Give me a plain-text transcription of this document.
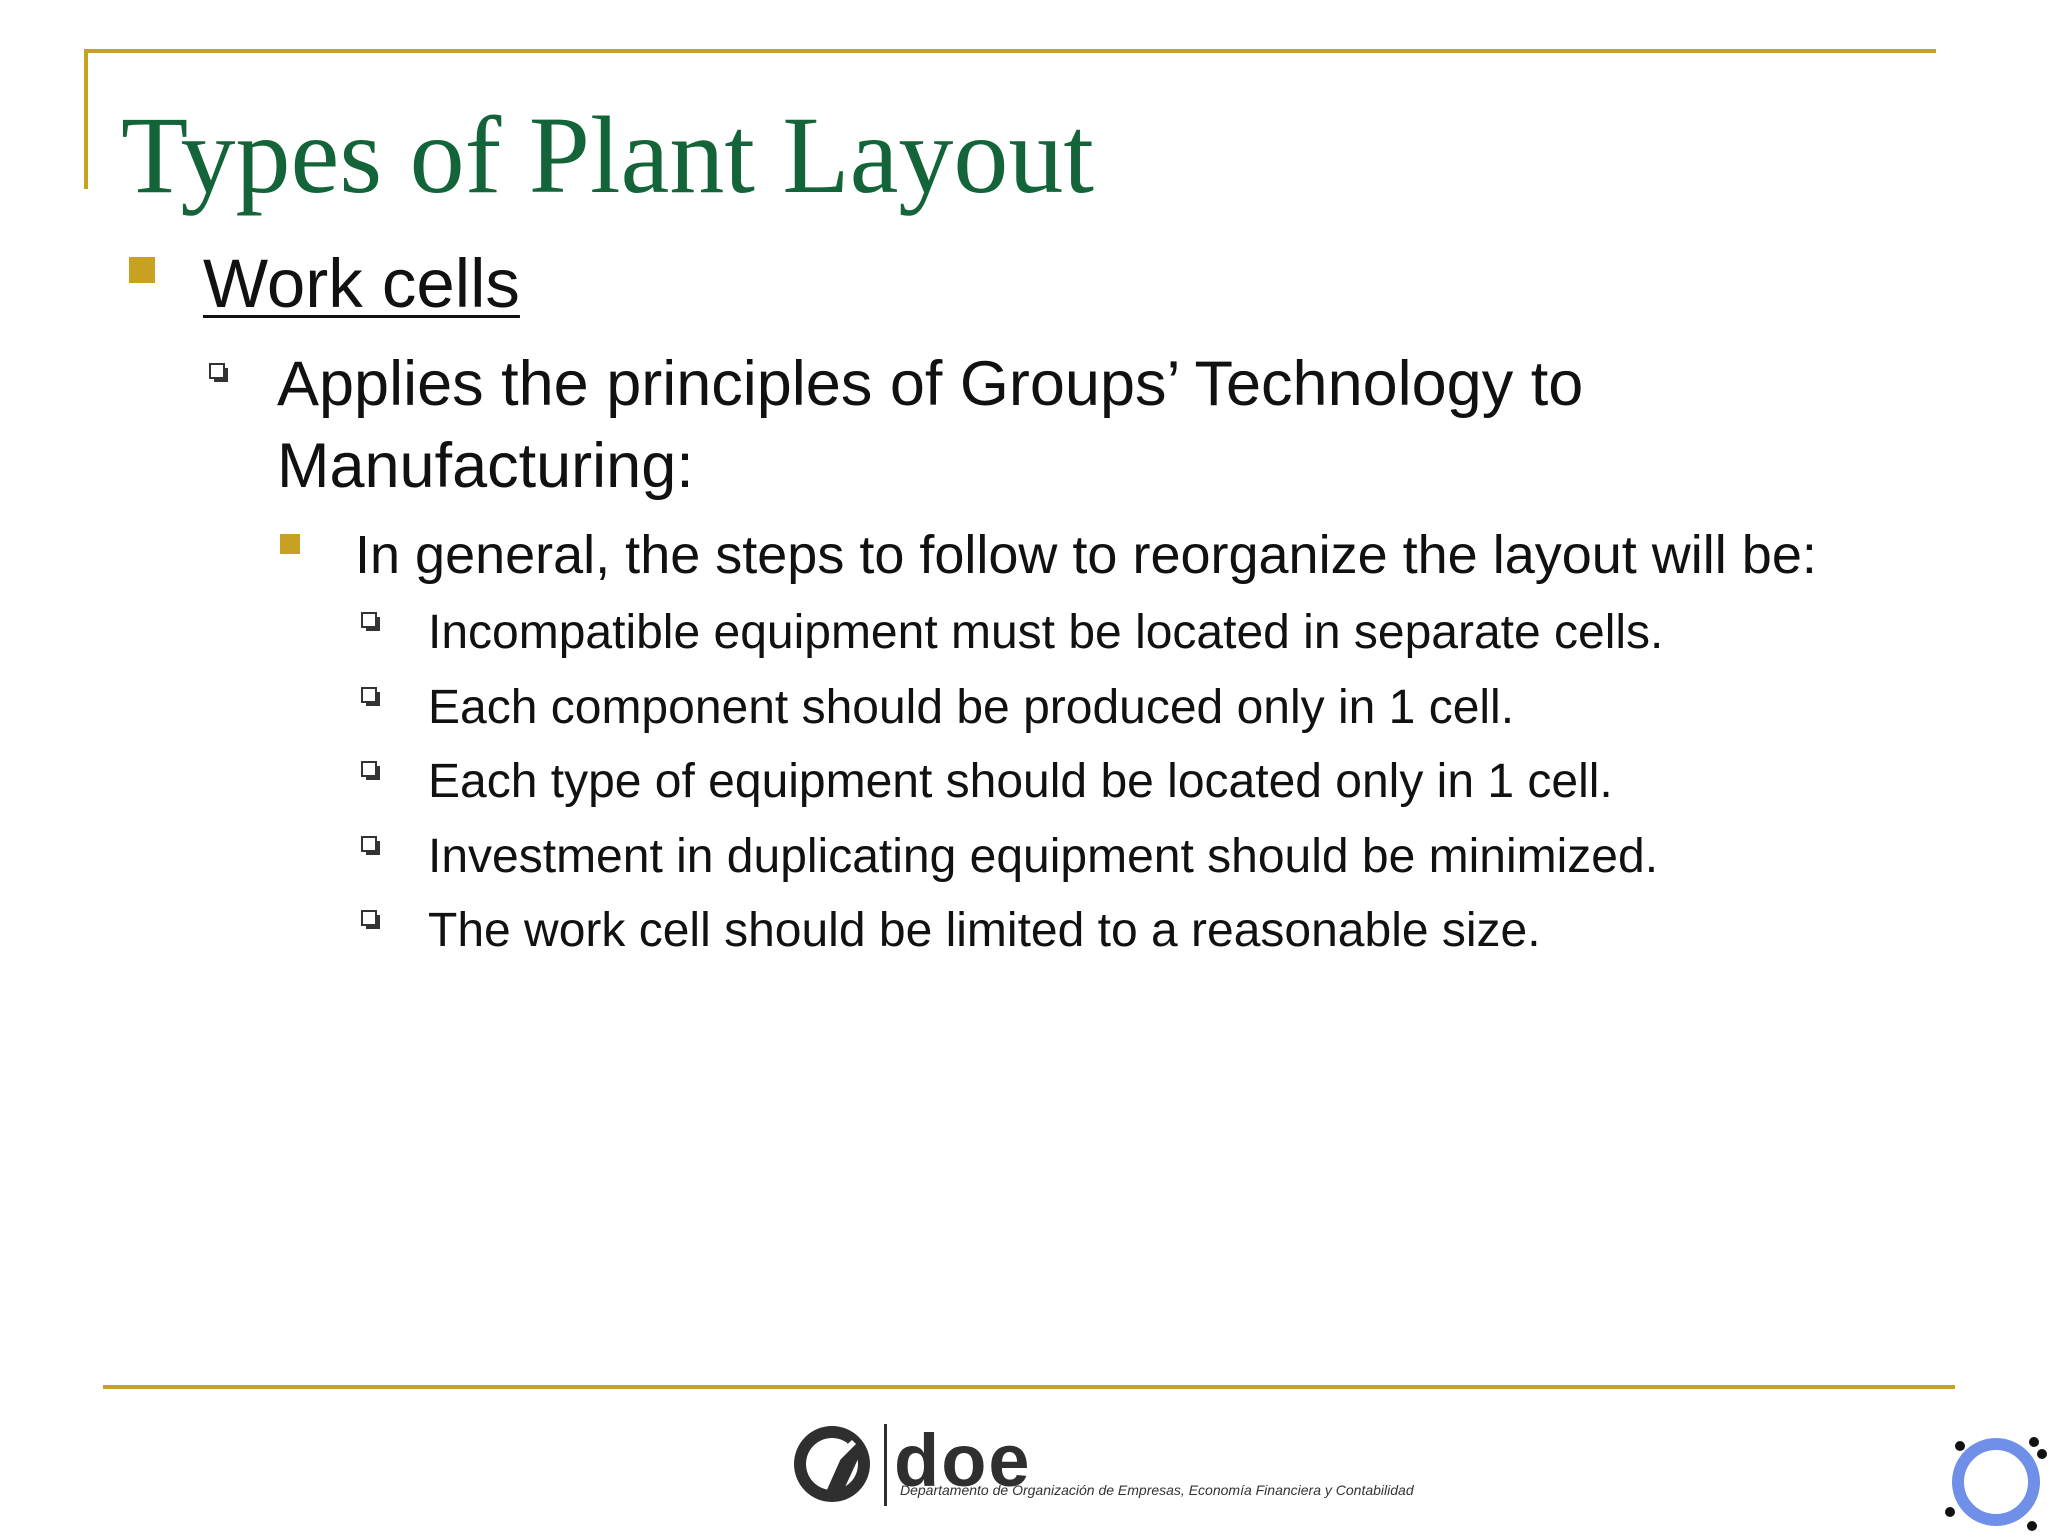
Types of Plant Layout
Work cells
Applies the principles of Groups’ Technology to
Manufacturing:
In general, the steps to follow to reorganize the layout will be:
Incompatible equipment must be located in separate cells.
Each component should be produced only in 1 cell.
Each type of equipment should be located only in 1 cell.
Investment in duplicating equipment should be minimized.
The work cell should be limited to a reasonable size.
doe
Departamento de Organización de Empresas, Economía Financiera y Contabilidad
